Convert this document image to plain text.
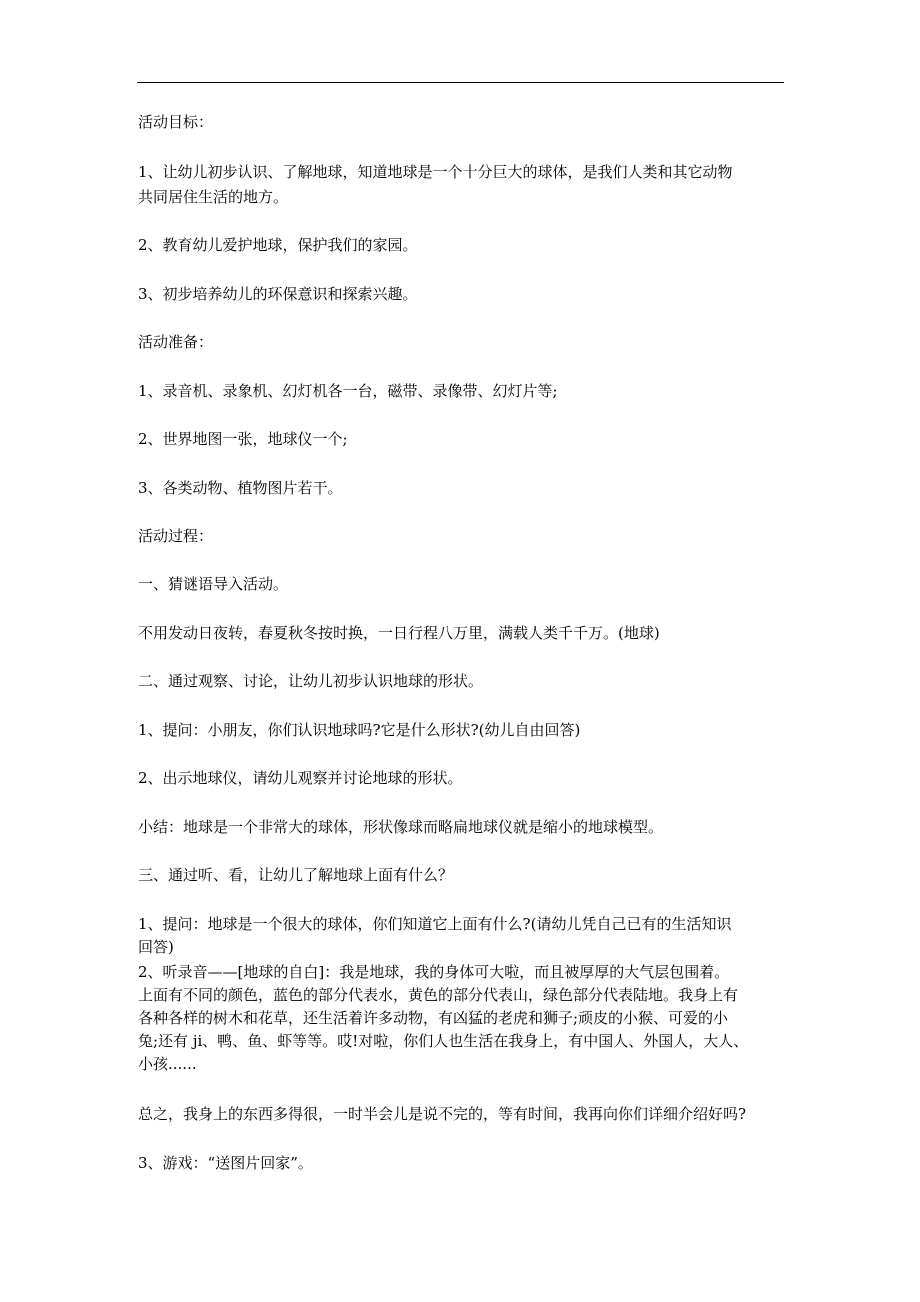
活动目标：
1、让幼儿初步认识、了解地球，知道地球是一个十分巨大的球体，是我们人类和其它动物
共同居住生活的地方。
2、教育幼儿爱护地球，保护我们的家园。
3、初步培养幼儿的环保意识和探索兴趣。
活动准备：
1、录音机、录象机、幻灯机各一台，磁带、录像带、幻灯片等;
2、世界地图一张，地球仪一个;
3、各类动物、植物图片若干。
活动过程：
一、猜谜语导入活动。
不用发动日夜转，春夏秋冬按时换，一日行程八万里，满载人类千千万。(地球)
二、通过观察、讨论，让幼儿初步认识地球的形状。
1、提问：小朋友，你们认识地球吗?它是什么形状?(幼儿自由回答)
2、出示地球仪，请幼儿观察并讨论地球的形状。
小结：地球是一个非常大的球体，形状像球而略扁地球仪就是缩小的地球模型。
三、通过听、看，让幼儿了解地球上面有什么？
1、提问：地球是一个很大的球体，你们知道它上面有什么?(请幼儿凭自己已有的生活知识
回答)
2、听录音——[地球的自白]：我是地球，我的身体可大啦，而且被厚厚的大气层包围着。
上面有不同的颜色，蓝色的部分代表水，黄色的部分代表山，绿色部分代表陆地。我身上有
各种各样的树木和花草，还生活着许多动物，有凶猛的老虎和狮子;顽皮的小猴、可爱的小
兔;还有 ji、鸭、鱼、虾等等。哎!对啦，你们人也生活在我身上，有中国人、外国人，大人、
小孩......
总之，我身上的东西多得很，一时半会儿是说不完的，等有时间，我再向你们详细介绍好吗?
3、游戏：“送图片回家”。
